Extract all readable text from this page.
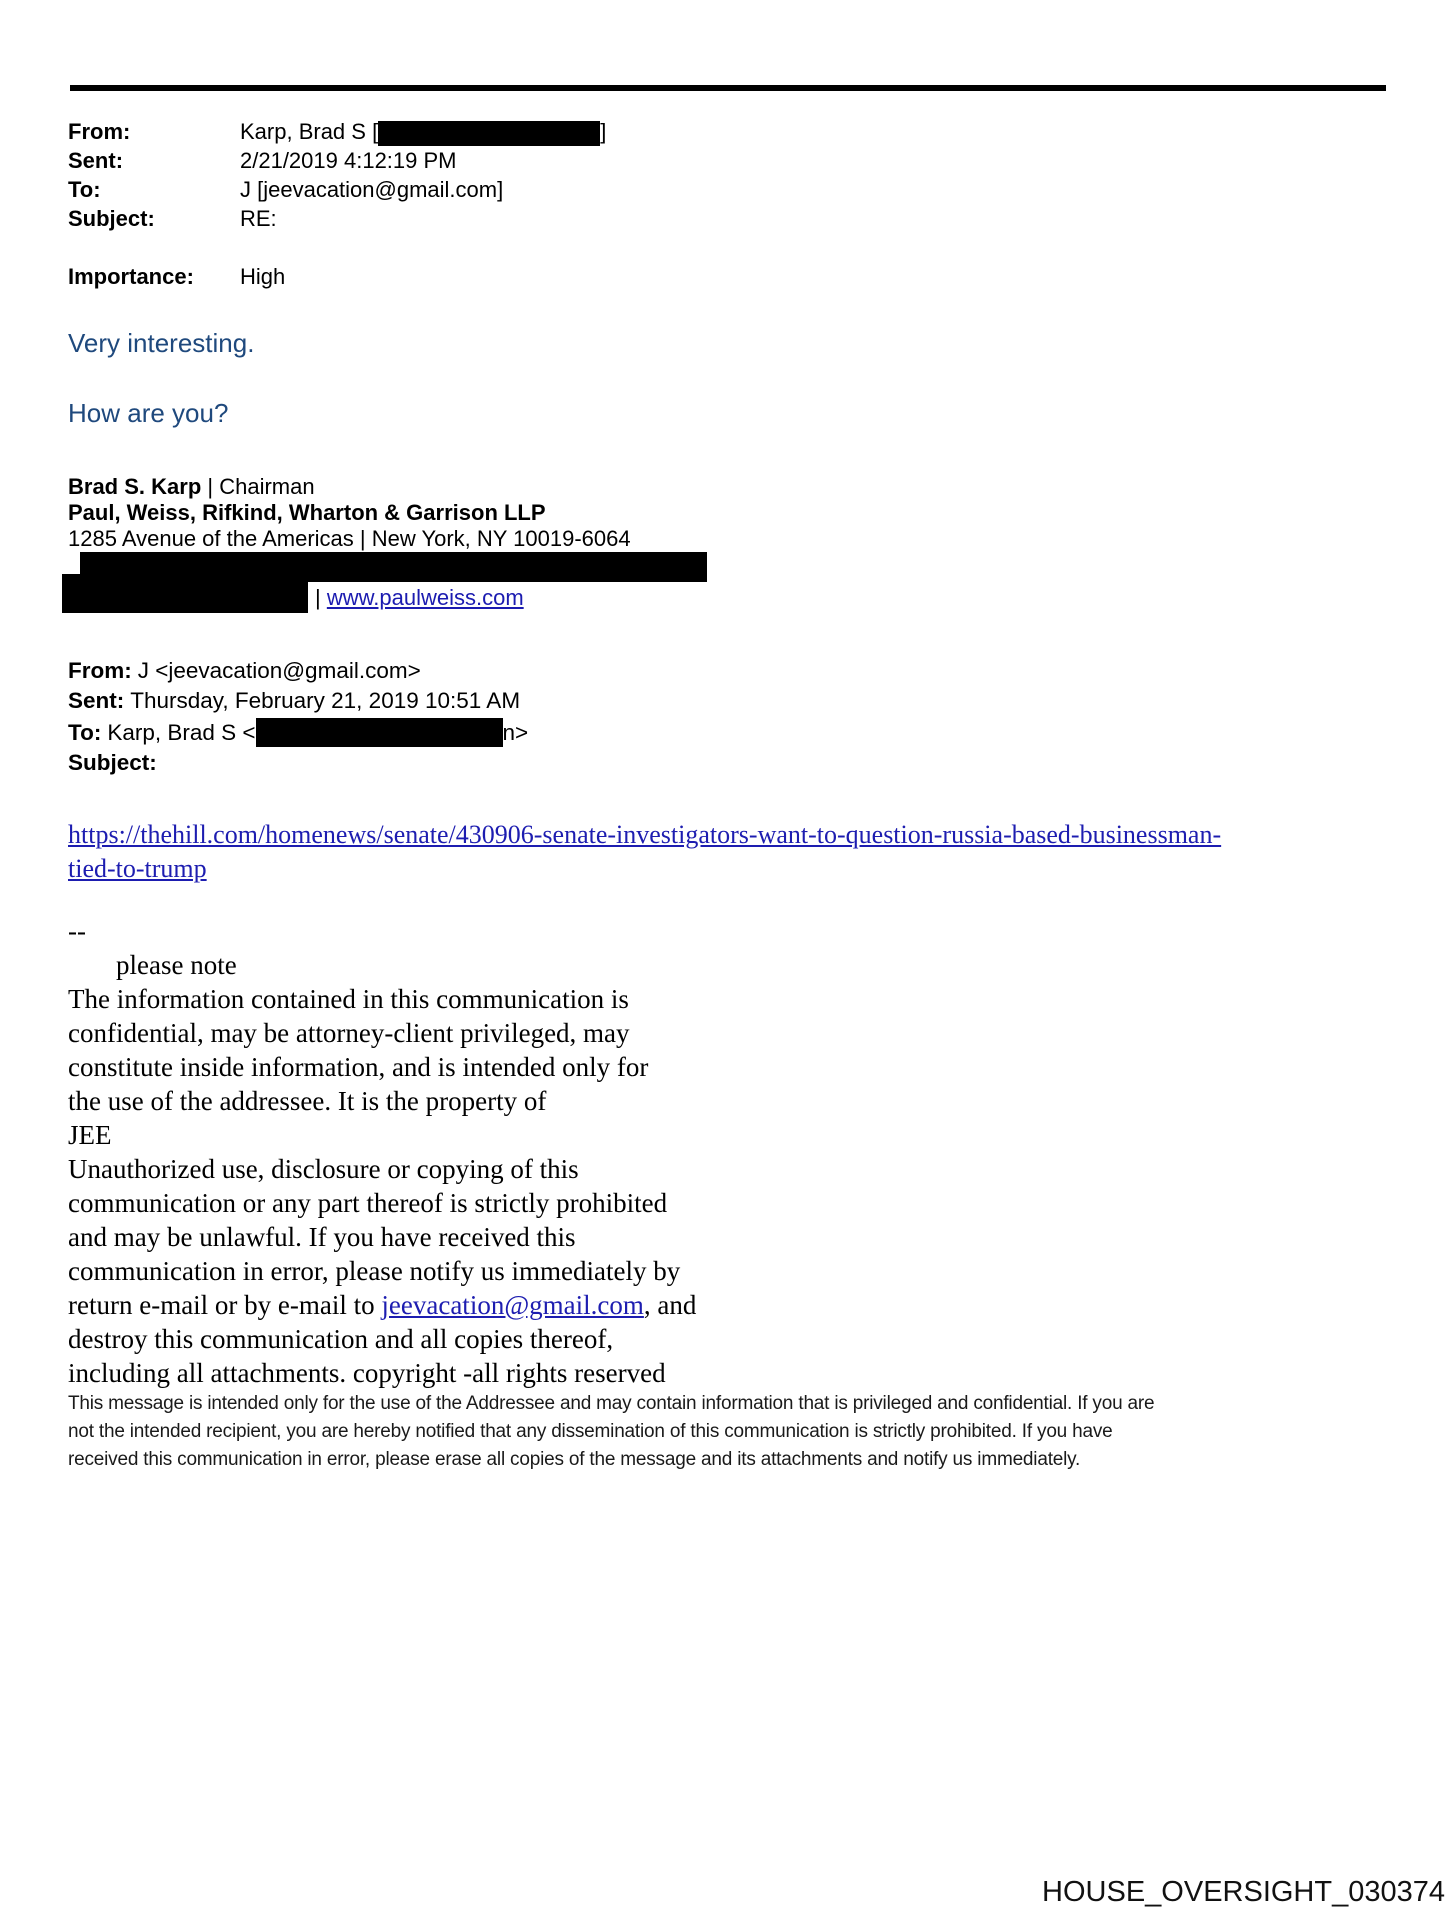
From:	Karp, Brad S [	]
Sent:	2/21/2019 4:12:19 PM
To:	J [jeevacation@gmail.com]
Subject:	RE:
Importance:	High
Very interesting.
How are you?
Brad S. Karp | Chairman
Paul, Weiss, Rifkind, Wharton & Garrison LLP
1285 Avenue of the Americas | New York, NY 10019-6064
| www.paulweiss.com
From: J <jeevacation@gmail.com>
Sent: Thursday, February 21, 2019 10:51 AM
To: Karp, Brad S <	n>
Subject:
https://thehill.com/homenews/senate/430906-senate-investigators-want-to-question-russia-based-businessman-
tied-to-trump
--
please note
The information contained in this communication is
confidential, may be attorney-client privileged, may
constitute inside information, and is intended only for
the use of the addressee. It is the property of
JEE
Unauthorized use, disclosure or copying of this
communication or any part thereof is strictly prohibited
and may be unlawful. If you have received this
communication in error, please notify us immediately by
return e-mail or by e-mail to jeevacation@gmail.com, and
destroy this communication and all copies thereof,
including all attachments. copyright -all rights reserved
This message is intended only for the use of the Addressee and may contain information that is privileged and confidential. If you are
not the intended recipient, you are hereby notified that any dissemination of this communication is strictly prohibited. If you have
received this communication in error, please erase all copies of the message and its attachments and notify us immediately.
HOUSE_OVERSIGHT_030374
